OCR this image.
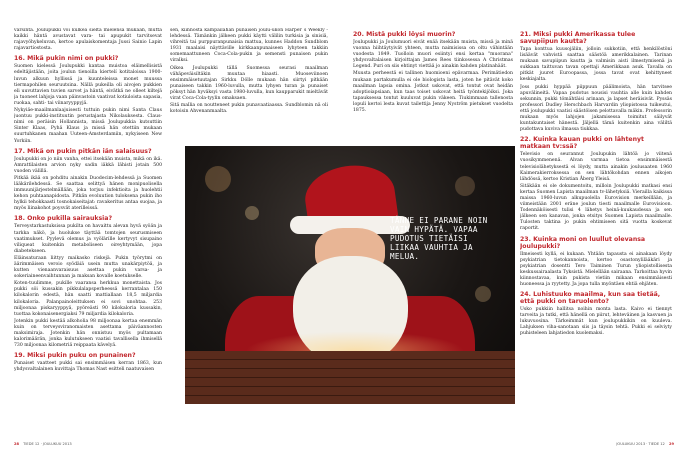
varsinta. Joulupukki voi kulkea sieltä mielensä mukaan, mutta kaikki häntä avustavat vara- tai apupukit tarvitsevat rajavyöhykeluvan, kertoo apulaiskomentaja Jussi Sainio Lapin rajavartiostosta.

16. Mikä pukin nimi on pukki?

Suomen kielessä Joulupukki kantaa muistoa eläimellisistä edeltäjistään, joita joulun tienoilla kiertelí kotitaloissa 1900-luvun alkuun hyllissä ja kuunteleissa monet muussa tiermapohilen seuruutsina. Nällä pukeilla oli aivojen pukkien eli uuvuttavien tuvien sarvet ja häntä, eivätkä ne olleet kiltejä ja tuoneet lahjoja vaan päinvastoin vaativat kotiuloista sapasia, ruokaa, sahti- tai viinaryyppyjä.

Nykyiäe-maailmanlaajuisesti tuttuin pukin nimi Santa Claus juontuu pukki-instituutin perustajasta Nikolauksesta. Claus-nimi on peräisin Hollannista, missä Joulupukkia kutsuttiin Sinter Klaas, Pyhä Klaus ja missä hän otettiin mukaan suurtuhkanen maahan Uuteen-Amsterdamiin, nykyiseen New Yorkiin.

17. Mikä on pukin pitkän iän salaisuus?

Joulupukki on jo niin vanha, ettei itsekään muista, mikä on ikä. Amrattilaisten arvion nyky sadin iäkkä lähisti jotain 500 vuoden välillä.

Pitkää ikää on pohditu ainakin Duodecim-lehdessä ja Suomen lääkärilehdessä. Se saattaa selittyä hänen monipuolisella immuunijärjestelmällään, joka torjuu infektioita ja huolehtii kehon puhtaanapidosta. Pitkän evoluution tuloksena pukin iho hylkii tehokkaasti tosnokaiseitajat: ravakeritus antaa suojaa, ja myös liinakohot poysvät aterilleissä.

18. Onko pukilla sairauksia?

Terveystarkastuksissa pukilta on havaittu alevan hyvä syöän ja tarkka näkö, ja huolukse täyttää tomtojen seurusmiseen vaatimukset. Pyylevä olemus ja vyölärille kertyvyt sisupaino viliqueat kuitenkin metaboliseen oireyhtymään, jopa diabetekseen.

Eläinsaturaan liittyy maikasko riskejä. Pukin työrytmi on äärimmäisen veroio syödäiä usein mutta unakärpiytöä, ja kutten vienaanvaraisuus asettaa pukin varsa- ja sokeriaineenvaihtunnan ja maksan kovalle koetukselle.

Koten-tuulimme, pukille vaaransa herkkua monettaista. Jos pukki söi kussakin pikkulalapsperheessä kerrantalaa 150 kilokalorin edestä, hän saatti mattiallaan 18,5 miljardia kilokaloria. Palanpainoleittuksen ei sovi unohtaa. 253 miljoonaa piskaryyppyä, pyöreästi 90 kilokaloria kussakin, tuottaa kokonaisenergiaksi 79 miljardia kilokaloria.

Jotenkin pukki kestää alkoholia 98 miljoonaa kertaa enemmän kuin on terveysviranomaisten asettama päiväannosten maksimiraja. Jotenkin hän onnistuu myös pultamaan kalorimäärän, jonka kulutukseen vaatisi tavallisella ihmisellä 730 miljoonaa kilometriä reippaata kävelyä.

19. Miksi pukin puku on punainen?

Punaiset vaatteet pukki sai ensimmäisen kerran 1863, kun yhdysvaltalainen kuvittaja Thomas Nast esitteli naatuvaisen

sen, kiinnostä kampailahän punaisen joulu-ukon Harper´s Weekly -lehdessä. Tämänkin jälkeen pukki käytti välilin turkisia ja sinisiä, vihreitä tai purppuranpunaisia mattua, kunnes Haddon Sundblom 1931 maalaisi näyttäville kirkkaanpunaiseen lyhyteen takkiin somemaattuneen Coca-Cola-pukin ja semensti punaisen pukin viralksi.

Oikea Joulupukki tällä Suomessa seurasi maailman vähäpeväisiltäkin muutaa hiaasti. Muoseviinoen ensimmäisetuutajan Sirkku Dölle mukaan hän siirtyi pitkään punaiseen takkin 1960-luvulla, mutta lyhyen turan ja punaiset pöksyt hän hyväksyi vasta 1980-luvulla, kun kaupparukit mieltävät virat Coca-Cola-tyylin omaksaen.

Sitä mallia on noutteneet pukin punavaatiaassa. Sundblomin nä oli kotoisin Ahvenanmaalta.

28 TIEDE 12 · JOULUKUU 2013
20. Mistä pukki löysi muorin?

Joulupukki ja Joulumuori eivät enää itsekään muista, missä ja minä vuonna hiihtäytyivät yhteen, mutta naimisissa on oltu vähintään vuodesta 1849. Tuolloin muori esiintyi ensi kertaa "muorana" yhdysvaltalaisen kirjoittajan James Rees tiinkosessa A Christmas Legend. Puri on siis ehtinyt viettää jo ainakin kahden platinahäät.

Muusta perheestä ei tallinen huomioeni epävarmaa. Perimätiedon mukaan partakumulla ei ole biologista lasta, joten he pitävät koko maailman lapsia omina. Jotkut uskovat, että tontut ovat heidän adoptioiapsiaan, kun taas toiset uskovat heitä työntekijöiksi. Joka tapauksessa tontut kuuluvat pukin väkeen. Tiukimmaan tallenosta lopuli kertoi lesta kuvat tailettija Jenny Nyström pietukset vuodelta 1875.

21. Miksi pukki Amerikassa tulee savupiipun kautta?

Tapa konttua kuusojäliin, jolloin sukkotiin, että henkilöstöni lisäävät vahvistä saattaa säästöä amerikkalainen. Tarinan mukaan savupiipun kautta ja valmisin aisti ilmestymisenä ja sukkaan taittuvan tavan opettaji Amerikkaan asuk. Tavalla on pitkät juuret Euroopassa, jossa tavat ovat kehittyneet keskiajalta.

Joss pukki hyppää piippuun päälimoista, hän tarvitsee apuvälineitä. Vapaa pudotus nousisi vauhtia alle kuin kahden sekunnin, pukki tömähtäisi arinaan, ja lapset heräisivät. Pyssäs professori Dudley Herschbach Harvardin yliopistossa tuikeutui, että joulupukki vaatisi säästöisen pelottavalla mäkin. Professorin mukaan myös lahjojen jakamisessa toimitut säilyvät kuntakuntaiset hänestä. Jäljellä tämä kuitenkin aina väliltä pudottava kuviva ilmassa tiukkaa.

22. Kuinka kauan pukki on lähtenyt matkaan tv:ssä?

Televisio on seurannut Joulupukin lähtöä jo viitenä vuosikymmenenä. Alvan varmaa tietoa ensimmäisestä televisiolähetyksestä ei löydy, mutta ainakin joulusaaten 1960 Kaimerakierroksessa on sen lähtökohdan ennen aikojen lähdössä, kertoo Kristian Åberg Yleisä.

Sitäkään ei ole dokumentoitu, milloin Joulupukki matkasi ensi kertaa Suomen Lapista maailman tv-lähetyksiä. Vierailla kaikissa maissa 1960-luvun alkupuolella Eurovision merkeillään, ja viimeistään 2001 eräne joulun tiesti maailmalle Eurovisioon. Todennäköisesti tulisi 4 lähetys heinä-kuukaudessa ja sen jälkeen sen kanavan, jonka etsitys Suomen Lapista maailmalle. Tulosten taktina jo pukin ehtimiseen sitä vuotta koskevat raportit.

23. Kuinka moni on luullut olevansa Joulupukki?

Ilmeisesti kyllä, ei kukaan. Yhtään tapausta ei ainakaan löydy psykiatrian tietokannoista, kertoo osastonylilääkäri ja psykiatrian dosentti Tero Taiminen Turun yliopistollisesta keskussairaalasta Tyksistä. Mielellään sairaana. Tarkoittaa hyvin kiinnostavaa, kuin pukista vietiin mikaan ensimmäisesti huoneessa ja ryytetty. Ja jopa tulla myöntäen ehtiä ehjäten.

24. Luhistuuko maailma, kun saa tietää, että pukki on taruolento?

Usko pukkiin hallitsa noihin monta lasta. Kaivo ei tiennyt tarveita ja tutki, että hänellä on piirut, lehteväinen ja kasvuen ja lukuvuosina. Tärkeimmät kun joulupukkikin on kuuleva. Lahjuksen viha-sanotaan siis ja täysin tehtä. Pukki ei selviyty puhisteleen lahjatiedon kuolemaksi.

JOULUKUU 2013 · TIEDE 12 29
TÄNNE EI PARANE NOIN VAIN HYPÄTÄ. VAPAA PUDOTUS TIETÄISI LIIKAA VAUHTIA JA MELUA.
